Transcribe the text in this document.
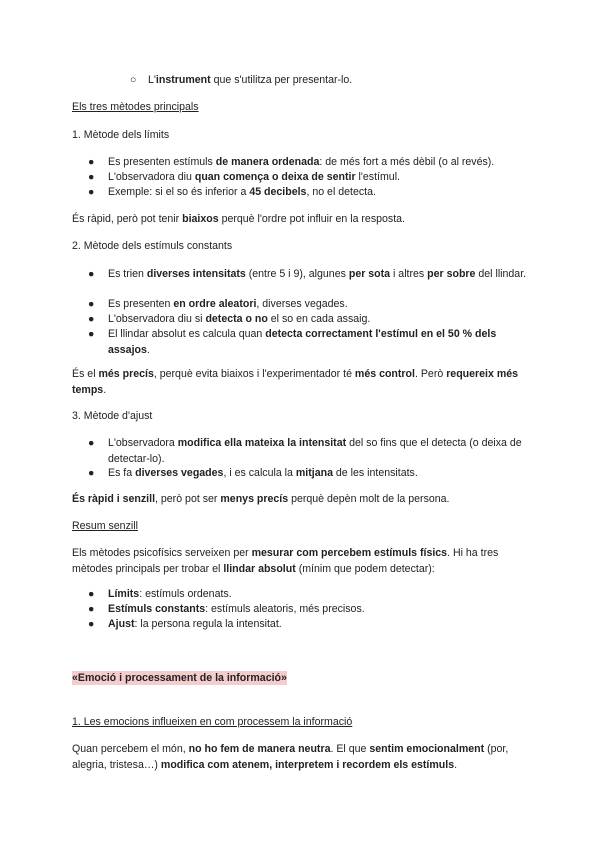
○ L'instrument que s'utilitza per presentar-lo.

Els tres mètodes principals

1. Mètode dels límits

●	Es presenten estímuls de manera ordenada: de més fort a més dèbil (o al revés).
●	L'observadora diu quan comença o deixa de sentir l'estímul.
●	Exemple: si el so és inferior a 45 decibels, no el detecta.

És ràpid, però pot tenir biaixos perquè l'ordre pot influir en la resposta.

2. Mètode dels estímuls constants

●	Es trien diverses intensitats (entre 5 i 9), algunes per sota i altres per sobre del llindar.
●	Es presenten en ordre aleatori, diverses vegades.
●	L'observadora diu si detecta o no el so en cada assaig.
●	El llindar absolut es calcula quan detecta correctament l'estímul en el 50 % dels assajos.

És el més precís, perquè evita biaixos i l'experimentador té més control. Però requereix més temps.

3. Mètode d'ajust

●	L'observadora modifica ella mateixa la intensitat del so fins que el detecta (o deixa de detectar-lo).
●	Es fa diverses vegades, i es calcula la mitjana de les intensitats.

És ràpid i senzill, però pot ser menys precís perquè depèn molt de la persona.

Resum senzill

Els mètodes psicofísics serveixen per mesurar com percebem estímuls físics. Hi ha tres mètodes principals per trobar el llindar absolut (mínim que podem detectar):

●	Límits: estímuls ordenats.
●	Estímuls constants: estímuls aleatoris, més precisos.
●	Ajust: la persona regula la intensitat.

«Emoció i processament de la informació»

1. Les emocions influeixen en com processem la informació

Quan percebem el món, no ho fem de manera neutra. El que sentim emocionalment (por, alegria, tristesa…) modifica com atenem, interpretem i recordem els estímuls.
